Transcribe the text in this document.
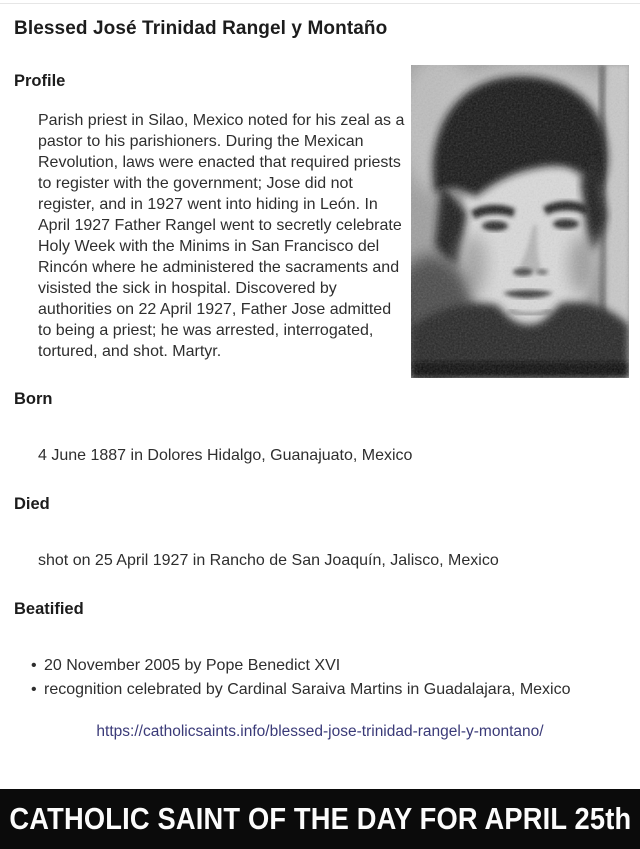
Blessed José Trinidad Rangel y Montaño
Profile

Parish priest in Silao, Mexico noted for his zeal as a pastor to his parishioners. During the Mexican Revolution, laws were enacted that required priests to register with the government; Jose did not register, and in 1927 went into hiding in León. In April 1927 Father Rangel went to secretly celebrate Holy Week with the Minims in San Francisco del Rincón where he administered the sacraments and visisted the sick in hospital. Discovered by authorities on 22 April 1927, Father Jose admitted to being a priest; he was arrested, interrogated, tortured, and shot. Martyr.

Born

4 June 1887 in Dolores Hidalgo, Guanajuato, Mexico

Died

shot on 25 April 1927 in Rancho de San Joaquín, Jalisco, Mexico

Beatified
• 20 November 2005 by Pope Benedict XVI
• recognition celebrated by Cardinal Saraiva Martins in Guadalajara, Mexico
https://catholicsaints.info/blessed-jose-trinidad-rangel-y-montano/
CATHOLIC SAINT OF THE DAY FOR APRIL 25th
